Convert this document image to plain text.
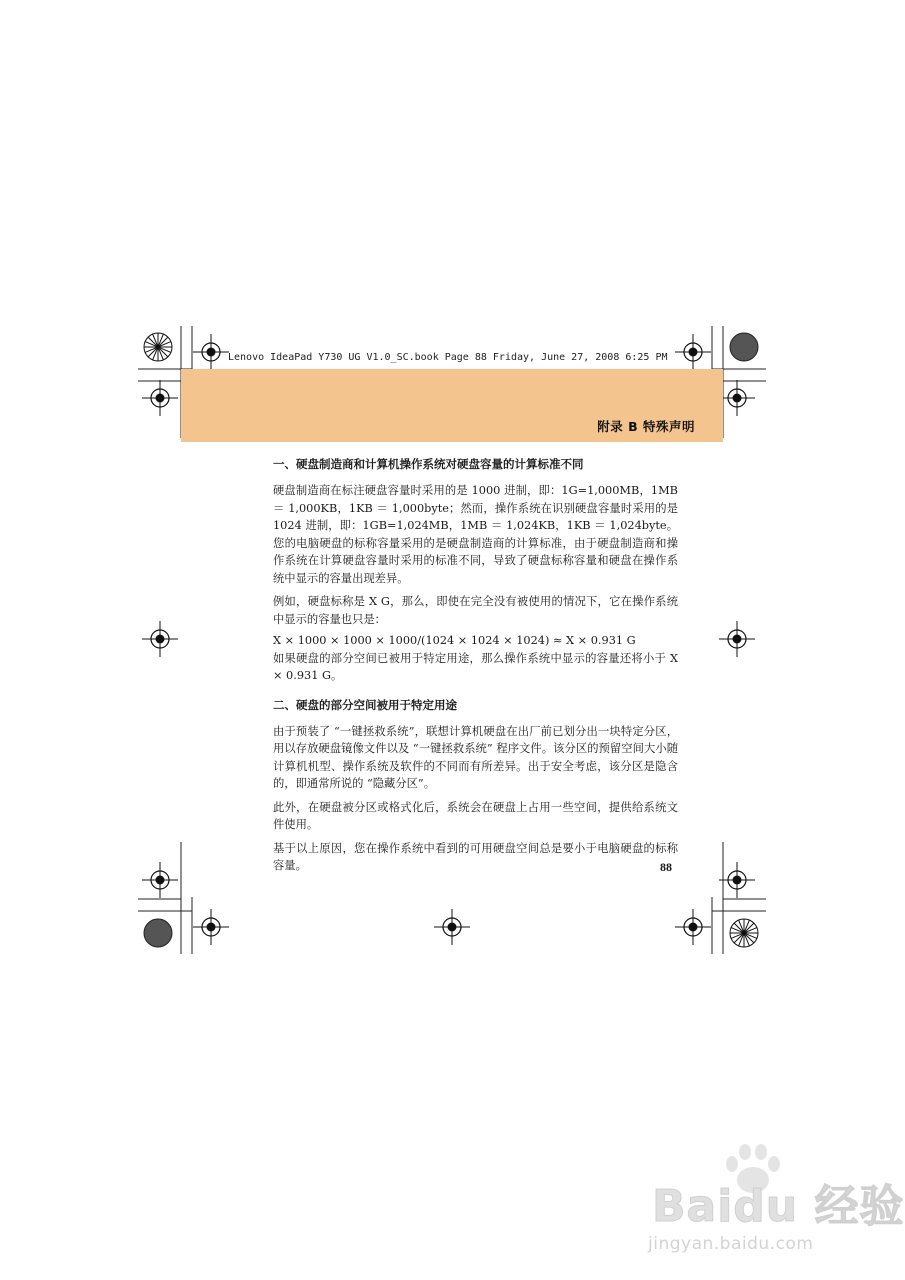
Lenovo IdeaPad Y730 UG V1.0_SC.book Page 88 Friday, June 27, 2008 6:25 PM
附录 B 特殊声明
一、硬盘制造商和计算机操作系统对硬盘容量的计算标准不同

硬盘制造商在标注硬盘容量时采用的是 1000 进制，即：1G=1,000MB，1MB ＝ 1,000KB，1KB ＝ 1,000byte；然而，操作系统在识别硬盘容量时采用的是 1024 进制，即：1GB=1,024MB，1MB ＝ 1,024KB，1KB ＝ 1,024byte。您的电脑硬盘的标称容量采用的是硬盘制造商的计算标准，由于硬盘制造商和操作系统在计算硬盘容量时采用的标准不同，导致了硬盘标称容量和硬盘在操作系统中显示的容量出现差异。

例如，硬盘标称是 X G，那么，即使在完全没有被使用的情况下，它在操作系统中显示的容量也只是：

X × 1000 × 1000 × 1000/(1024 × 1024 × 1024) ≈ X × 0.931 G

如果硬盘的部分空间已被用于特定用途，那么操作系统中显示的容量还将小于 X × 0.931 G。

二、硬盘的部分空间被用于特定用途

由于预装了 “一键拯救系统”，联想计算机硬盘在出厂前已划分出一块特定分区，用以存放硬盘镜像文件以及 “一键拯救系统” 程序文件。该分区的预留空间大小随计算机机型、操作系统及软件的不同而有所差异。出于安全考虑，该分区是隐含的，即通常所说的 “隐藏分区”。

此外，在硬盘被分区或格式化后，系统会在硬盘上占用一些空间，提供给系统文件使用。

基于以上原因，您在操作系统中看到的可用硬盘空间总是要小于电脑硬盘的标称容量。	88
Baidu 经验
jingyan.baidu.com
